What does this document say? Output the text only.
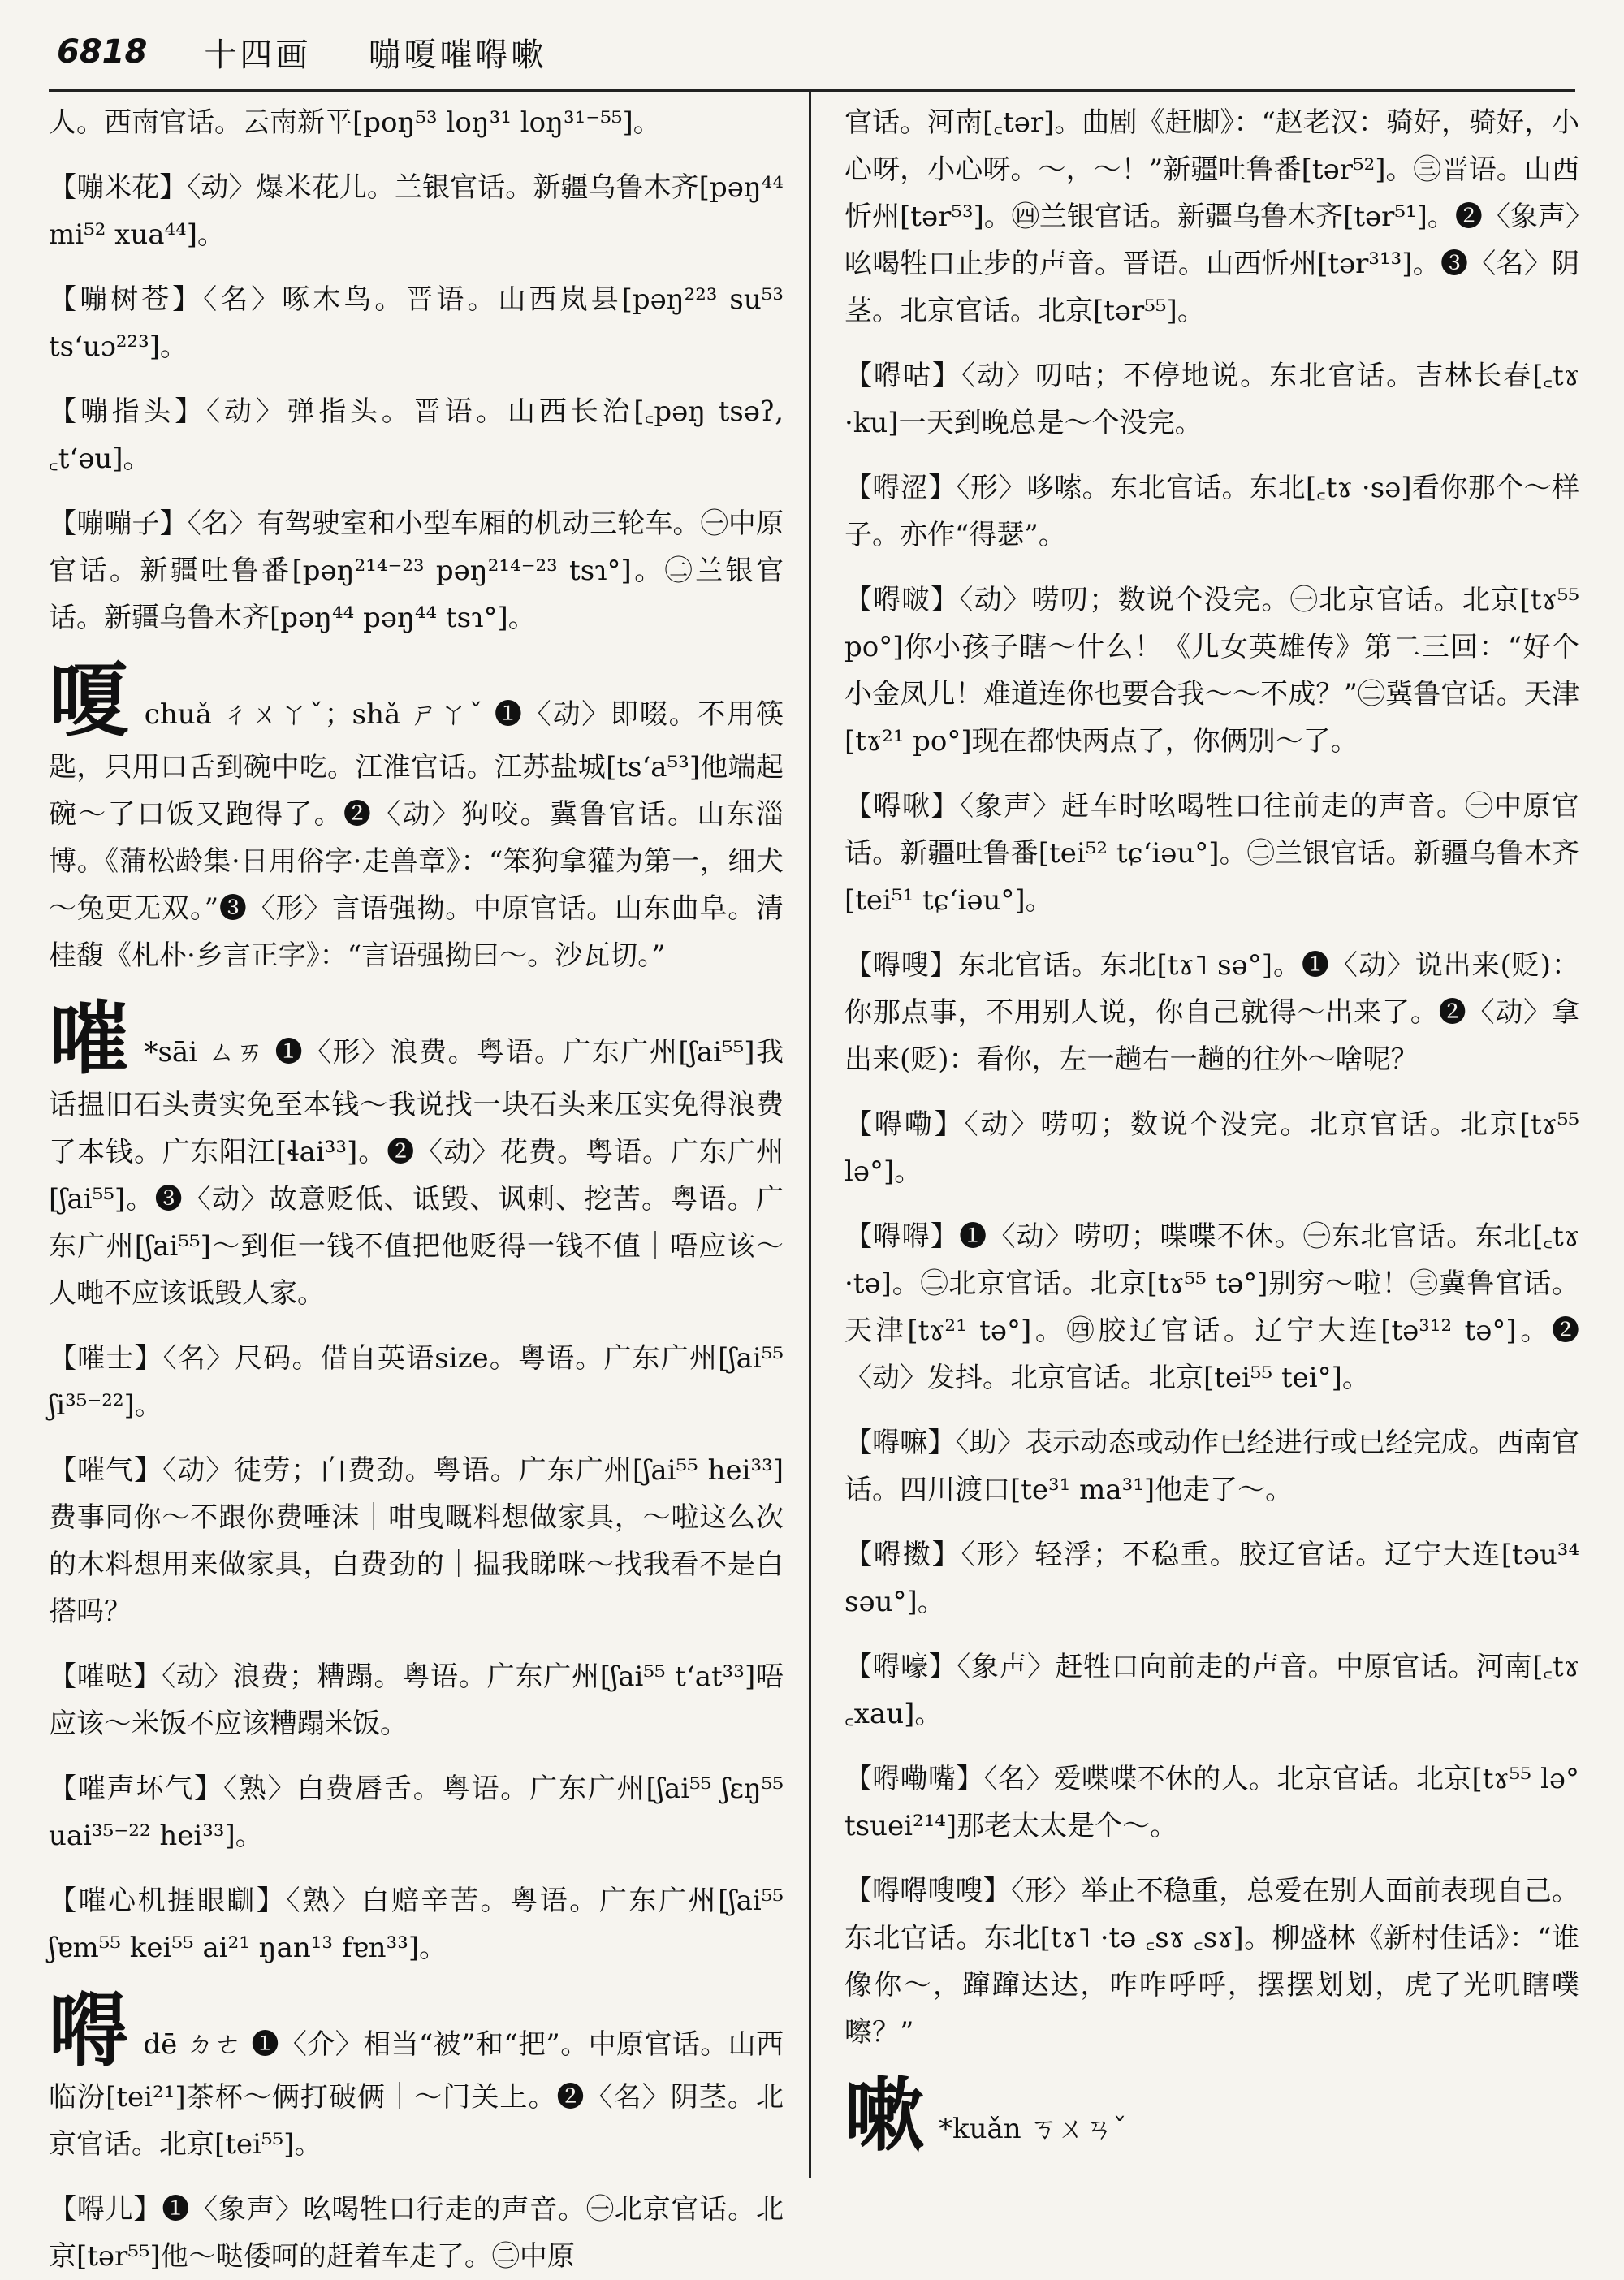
6818 十四画 嘣嗄嗺嘚嗽

人。西南官话。云南新平[poŋ⁵³ loŋ³¹ loŋ³¹⁻⁵⁵]。

【嘣米花】〈动〉爆米花儿。兰银官话。新疆乌鲁木齐[pəŋ⁴⁴ mi⁵² xua⁴⁴]。

【嘣树苍】〈名〉啄木鸟。晋语。山西岚县[pəŋ²²³ su⁵³ ts‘uɔ²²³]。

【嘣指头】〈动〉弹指头。晋语。山西长治[꜀pəŋ tsəʔ, ꜀t‘əu]。

【嘣嘣子】〈名〉有驾驶室和小型车厢的机动三轮车。㊀中原官话。新疆吐鲁番[pəŋ²¹⁴⁻²³ pəŋ²¹⁴⁻²³ tsɿ°]。㊁兰银官话。新疆乌鲁木齐[pəŋ⁴⁴ pəŋ⁴⁴ tsɿ°]。

嗄chuǎ ㄔㄨㄚˇ；shǎ ㄕㄚˇ ❶〈动〉即啜。不用筷匙，只用口舌到碗中吃。江淮官话。江苏盐城[ts‘a⁵³]他端起碗～了口饭又跑得了。❷〈动〉狗咬。冀鲁官话。山东淄博。《蒲松龄集·日用俗字·走兽章》：“笨狗拿獾为第一，细犬～兔更无双。”❸〈形〉言语强拗。中原官话。山东曲阜。清桂馥《札朴·乡言正字》：“言语强拗曰～。沙瓦切。”

嗺 *sāi ㄙㄞ ❶〈形〉浪费。粤语。广东广州[ʃai⁵⁵]我话揾旧石头责实免至本钱～我说找一块石头来压实免得浪费了本钱。广东阳江[ɬai³³]。❷〈动〉花费。粤语。广东广州[ʃai⁵⁵]。❸〈动〉故意贬低、诋毁、讽刺、挖苦。粤语。广东广州[ʃai⁵⁵]～到佢一钱不值把他贬得一钱不值｜唔应该～人哋不应该诋毁人家。

【嗺士】〈名〉尺码。借自英语size。粤语。广东广州[ʃai⁵⁵ ʃi³⁵⁻²²]。

【嗺气】〈动〉徒劳；白费劲。粤语。广东广州[ʃai⁵⁵ hei³³]费事同你～不跟你费唾沫｜咁曳嘅料想做家具，～啦这么次的木料想用来做家具，白费劲的｜揾我睇咪～找我看不是白搭吗？

【嗺哒】〈动〉浪费；糟蹋。粤语。广东广州[ʃai⁵⁵ t‘at³³]唔应该～米饭不应该糟蹋米饭。

【嗺声坏气】〈熟〉白费唇舌。粤语。广东广州[ʃai⁵⁵ ʃɛŋ⁵⁵ uai³⁵⁻²² hei³³]。

【嗺心机捱眼瞓】〈熟〉白赔辛苦。粤语。广东广州[ʃai⁵⁵ ʃɐm⁵⁵ kei⁵⁵ ai²¹ ŋan¹³ fɐn³³]。

嘚dē ㄉㄜ ❶〈介〉相当“被”和“把”。中原官话。山西临汾[tei²¹]茶杯～俩打破俩｜～门关上。❷〈名〉阴茎。北京官话。北京[tei⁵⁵]。

【嘚儿】❶〈象声〉吆喝牲口行走的声音。㊀北京官话。北京[tər⁵⁵]他～哒倭呵的赶着车走了。㊁中原

官话。河南[꜀tər]。曲剧《赶脚》：“赵老汉：骑好，骑好，小心呀，小心呀。～，～！”新疆吐鲁番[tər⁵²]。㊂晋语。山西忻州[tər⁵³]。㊃兰银官话。新疆乌鲁木齐[tər⁵¹]。❷〈象声〉吆喝牲口止步的声音。晋语。山西忻州[tər³¹³]。❸〈名〉阴茎。北京官话。北京[tər⁵⁵]。

【嘚咕】〈动〉叨咕；不停地说。东北官话。吉林长春[꜀tɤ ·ku]一天到晚总是～个没完。

【嘚涩】〈形〉哆嗦。东北官话。东北[꜀tɤ ·sə]看你那个～样子。亦作“得瑟”。

【嘚啵】〈动〉唠叨；数说个没完。㊀北京官话。北京[tɤ⁵⁵ po°]你小孩子瞎～什么！《儿女英雄传》第二三回：“好个小金凤儿！难道连你也要合我～～不成？”㊁冀鲁官话。天津[tɤ²¹ po°]现在都快两点了，你俩别～了。

【嘚啾】〈象声〉赶车时吆喝牲口往前走的声音。㊀中原官话。新疆吐鲁番[tei⁵² tɕ‘iəu°]。㊁兰银官话。新疆乌鲁木齐[tei⁵¹ tɕ‘iəu°]。

【嘚嗖】东北官话。东北[tɤ˥ sə°]。❶〈动〉说出来(贬)：你那点事，不用别人说，你自己就得～出来了。❷〈动〉拿出来(贬)：看你，左一趟右一趟的往外～啥呢？

【嘚嘞】〈动〉唠叨；数说个没完。北京官话。北京[tɤ⁵⁵ lə°]。

【嘚嘚】❶〈动〉唠叨；喋喋不休。㊀东北官话。东北[꜀tɤ ·tə]。㊁北京官话。北京[tɤ⁵⁵ tə°]别穷～啦！㊂冀鲁官话。天津[tɤ²¹ tə°]。㊃胶辽官话。辽宁大连[tə³¹² tə°]。❷〈动〉发抖。北京官话。北京[tei⁵⁵ tei°]。

【嘚嘛】〈助〉表示动态或动作已经进行或已经完成。西南官话。四川渡口[te³¹ ma³¹]他走了～。

【嘚擞】〈形〉轻浮；不稳重。胶辽官话。辽宁大连[təu³⁴ səu°]。

【嘚嚎】〈象声〉赶牲口向前走的声音。中原官话。河南[꜀tɤ ꜀xau]。

【嘚嘞嘴】〈名〉爱喋喋不休的人。北京官话。北京[tɤ⁵⁵ lə° tsuei²¹⁴]那老太太是个～。

【嘚嘚嗖嗖】〈形〉举止不稳重，总爱在别人面前表现自己。东北官话。东北[tɤ˥ ·tə ꜀sɤ ꜀sɤ]。柳盛林《新村佳话》：“谁像你～，蹿蹿达达，咋咋呼呼，摆摆划划，虎了光叽瞎噗嚓？”

嗽 *kuǎn ㄎㄨㄢˇ
